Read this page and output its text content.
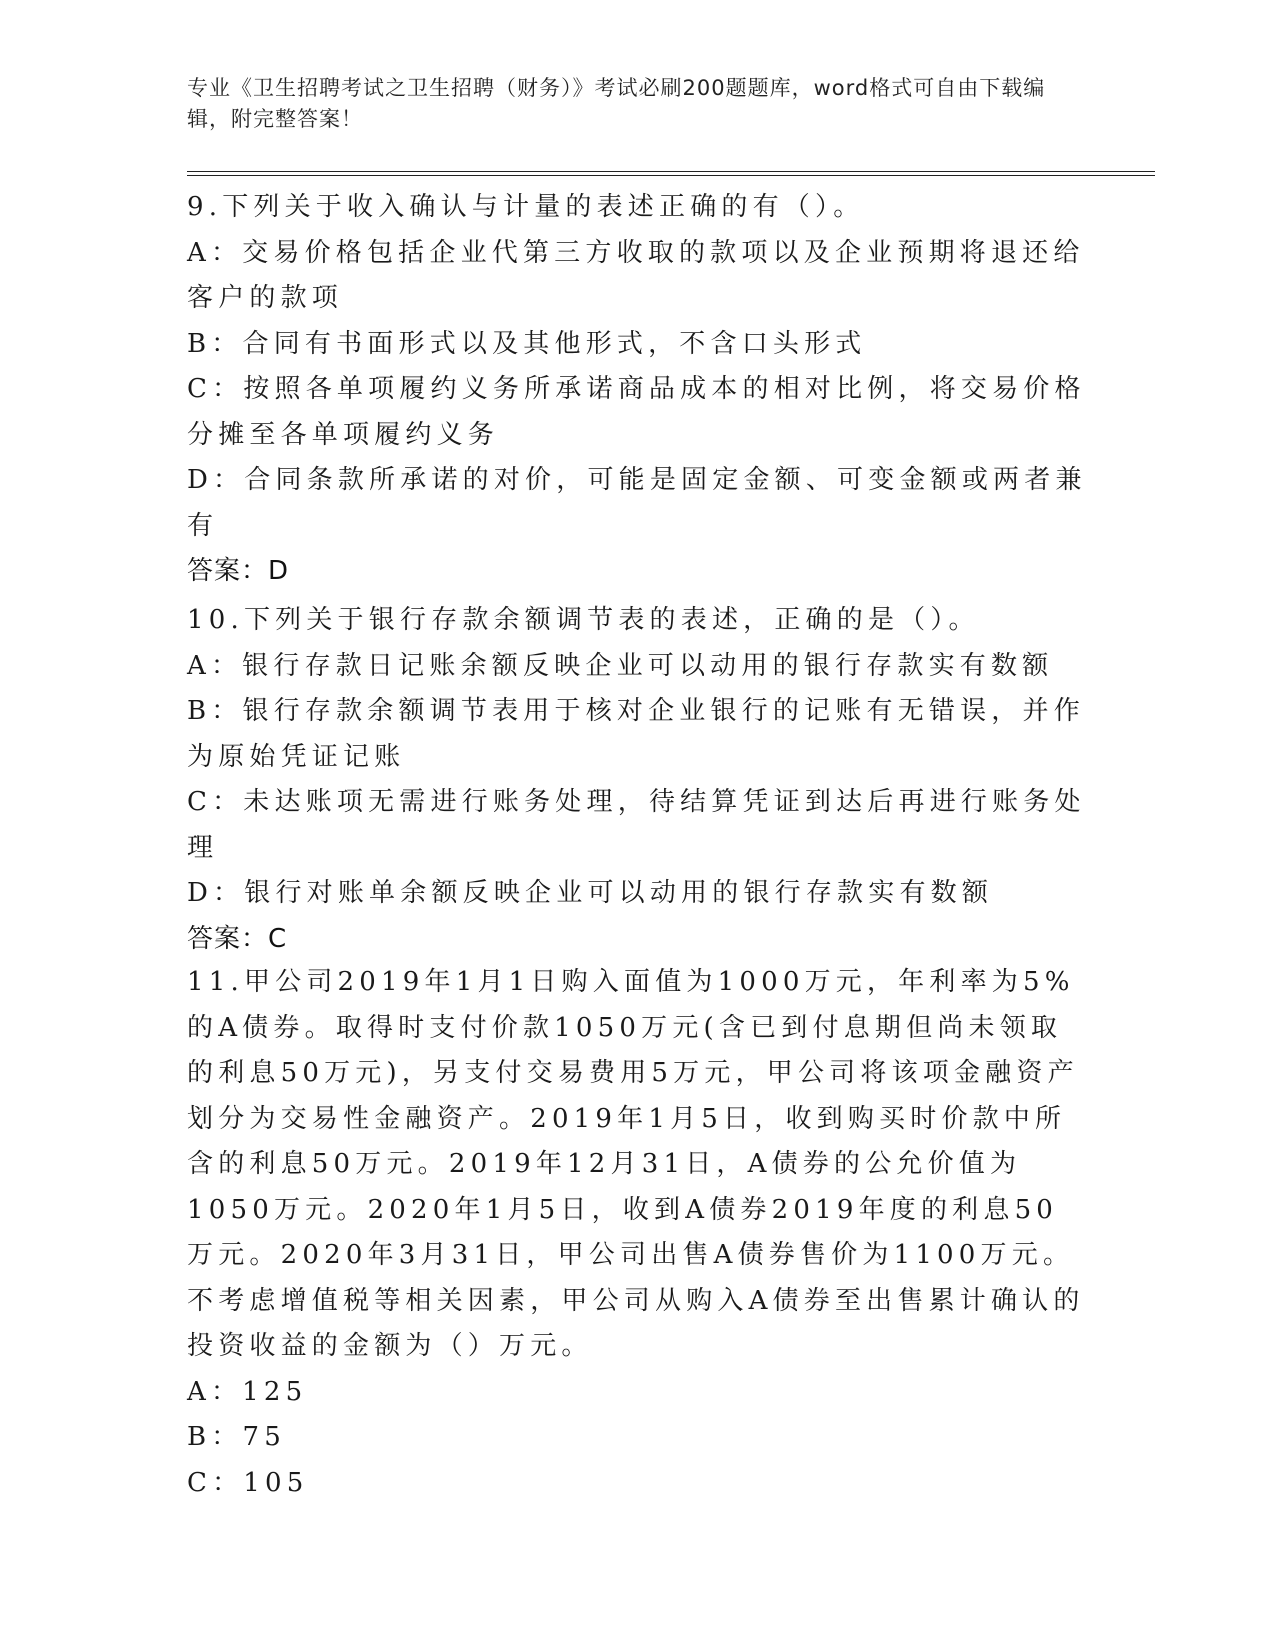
专业《卫生招聘考试之卫生招聘（财务）》考试必刷200题题库，word格式可自由下载编辑，附完整答案！

9.下列关于收入确认与计量的表述正确的有（）。

A：交易价格包括企业代第三方收取的款项以及企业预期将退还给客户的款项

B：合同有书面形式以及其他形式，不含口头形式

C：按照各单项履约义务所承诺商品成本的相对比例，将交易价格分摊至各单项履约义务

D：合同条款所承诺的对价，可能是固定金额、可变金额或两者兼有

答案：D

10.下列关于银行存款余额调节表的表述，正确的是（）。

A：银行存款日记账余额反映企业可以动用的银行存款实有数额

B：银行存款余额调节表用于核对企业银行的记账有无错误，并作为原始凭证记账

C：未达账项无需进行账务处理，待结算凭证到达后再进行账务处理

D：银行对账单余额反映企业可以动用的银行存款实有数额

答案：C

11.甲公司2019年1月1日购入面值为1000万元，年利率为5%的A债券。取得时支付价款1050万元(含已到付息期但尚未领取的利息50万元)，另支付交易费用5万元，甲公司将该项金融资产划分为交易性金融资产。2019年1月5日，收到购买时价款中所含的利息50万元。2019年12月31日，A债券的公允价值为1050万元。2020年1月5日，收到A债券2019年度的利息50万元。2020年3月31日，甲公司出售A债券售价为1100万元。不考虑增值税等相关因素，甲公司从购入A债券至出售累计确认的投资收益的金额为（）万元。

A：125

B：75

C：105
